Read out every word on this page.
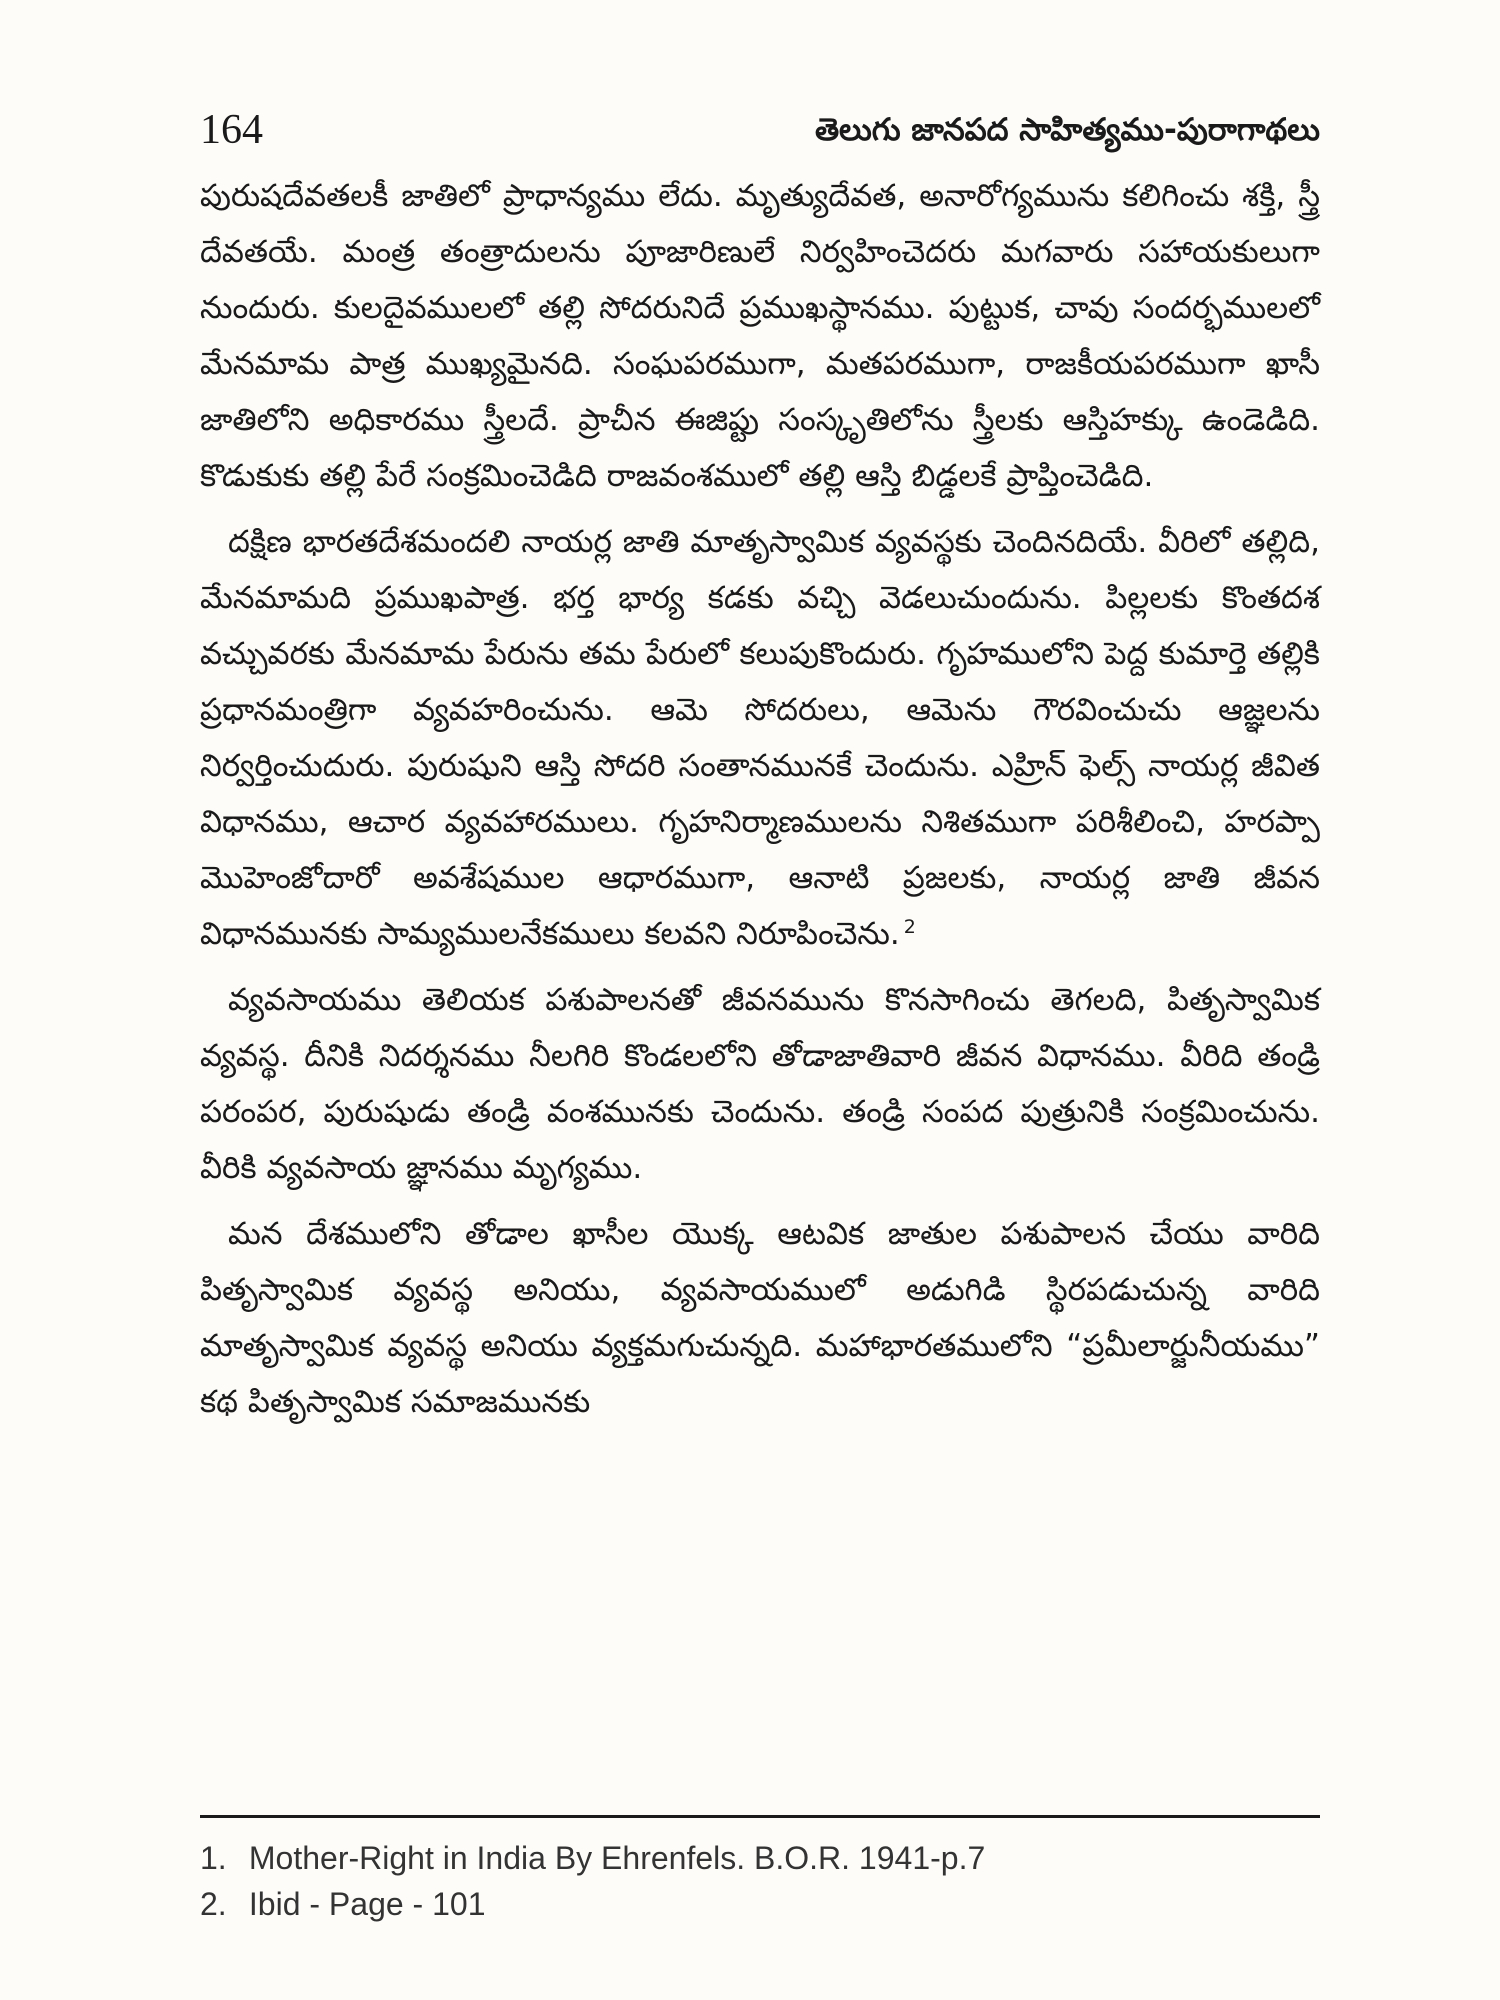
164	తెలుగు జానపద సాహిత్యము-పురాగాథలు

పురుషదేవతలకీ జాతిలో ప్రాధాన్యము లేదు. మృత్యుదేవత, అనారోగ్యమును కలిగించు శక్తి, స్త్రీ దేవతయే. మంత్ర తంత్రాదులను పూజారిణులే నిర్వహించెదరు మగవారు సహాయకులుగా నుందురు. కులదైవములలో తల్లి సోదరునిదే ప్రముఖస్థానము. పుట్టుక, చావు సందర్భములలో మేనమామ పాత్ర ముఖ్యమైనది. సంఘపరముగా, మతపరముగా, రాజకీయపరముగా ఖాసీ జాతిలోని అధికారము స్త్రీలదే. ప్రాచీన ఈజిప్టు సంస్కృతిలోను స్త్రీలకు ఆస్తిహక్కు ఉండెడిది. కొడుకుకు తల్లి పేరే సంక్రమించెడిది రాజవంశములో తల్లి ఆస్తి బిడ్డలకే ప్రాప్తించెడిది.

దక్షిణ భారతదేశమందలి నాయర్ల జాతి మాతృస్వామిక వ్యవస్థకు చెందినదియే. వీరిలో తల్లిది, మేనమామది ప్రముఖపాత్ర. భర్త భార్య కడకు వచ్చి వెడలుచుందును. పిల్లలకు కొంతదశ వచ్చువరకు మేనమామ పేరును తమ పేరులో కలుపుకొందురు. గృహములోని పెద్ద కుమార్తె తల్లికి ప్రధానమంత్రిగా వ్యవహరించును. ఆమె సోదరులు, ఆమెను గౌరవించుచు ఆజ్ఞలను నిర్వర్తించుదురు. పురుషుని ఆస్తి సోదరి సంతానమునకే చెందును. ఎహ్రిన్ ఫెల్స్ నాయర్ల జీవిత విధానము, ఆచార వ్యవహారములు. గృహనిర్మాణములను నిశితముగా పరిశీలించి, హరప్పా మొహెంజోదారో అవశేషముల ఆధారముగా, ఆనాటి ప్రజలకు, నాయర్ల జాతి జీవన విధానమునకు సామ్యములనేకములు కలవని నిరూపించెను. $^2$

వ్యవసాయము తెలియక పశుపాలనతో జీవనమును కొనసాగించు తెగలది, పితృస్వామిక వ్యవస్థ. దీనికి నిదర్శనము నీలగిరి కొండలలోని తోడాజాతివారి జీవన విధానము. వీరిది తండ్రి పరంపర, పురుషుడు తండ్రి వంశమునకు చెందును. తండ్రి సంపద పుత్రునికి సంక్రమించును. వీరికి వ్యవసాయ జ్ఞానము మృగ్యము.

మన దేశములోని తోడాల ఖాసీల యొక్క ఆటవిక జాతుల పశుపాలన చేయు వారిది పితృస్వామిక వ్యవస్థ అనియు, వ్యవసాయములో అడుగిడి స్థిరపడుచున్న వారిది మాతృస్వామిక వ్యవస్థ అనియు వ్యక్తమగుచున్నది. మహాభారతములోని “ప్రమీలార్జునీయము” కథ పితృస్వామిక సమాజమునకు

1. Mother-Right in India By Ehrenfels. B.O.R. 1941-p.7
2. Ibid - Page - 101
